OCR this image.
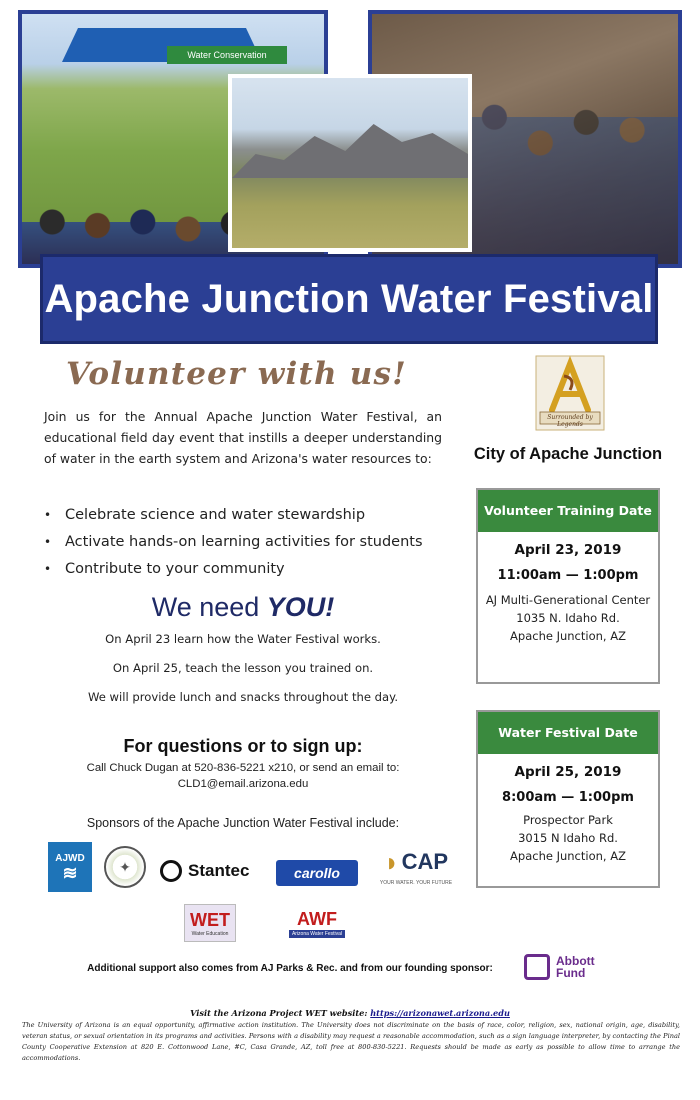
Water Conservation
Apache Junction Water Festival
Volunteer with us!
Join us for the Annual Apache Junction Water Festival, an educational field day event that instills a deeper understanding of water in the earth system and Arizona's water resources to:
• Celebrate science and water stewardship
• Activate hands-on learning activities for students
• Contribute to your community
We need YOU!
On April 23 learn how the Water Festival works.
On April 25, teach the lesson you trained on.
We will provide lunch and snacks throughout the day.
For questions or to sign up:
Call Chuck Dugan at 520-836-5221 x210, or send an email to:
CLD1@email.arizona.edu
Sponsors of the Apache Junction Water Festival include:
AJWD
≋	✦	Stantec	carollo ◗ CAP
YOUR WATER. YOUR FUTURE
WET
Water Education
AWF
Arizona Water Festival
Additional support also comes from AJ Parks & Rec. and from our founding sponsor:
Abbott
Fund
Surrounded by Legends
City of Apache Junction
Volunteer Training Date
April 23, 2019
11:00am — 1:00pm
AJ Multi-Generational Center
1035 N. Idaho Rd.
Apache Junction, AZ
Water Festival Date
April 25, 2019
8:00am — 1:00pm
Prospector Park
3015 N Idaho Rd.
Apache Junction, AZ
Visit the Arizona Project WET website: https://arizonawet.arizona.edu
The University of Arizona is an equal opportunity, affirmative action institution. The University does not discriminate on the basis of race, color, religion, sex, national origin, age, disability, veteran status, or sexual orientation in its programs and activities. Persons with a disability may request a reasonable accommodation, such as a sign language interpreter, by contacting the Pinal County Cooperative Extension at 820 E. Cottonwood Lane, #C, Casa Grande, AZ, toll free at 800-830-5221. Requests should be made as early as possible to allow time to arrange the accommodations.
